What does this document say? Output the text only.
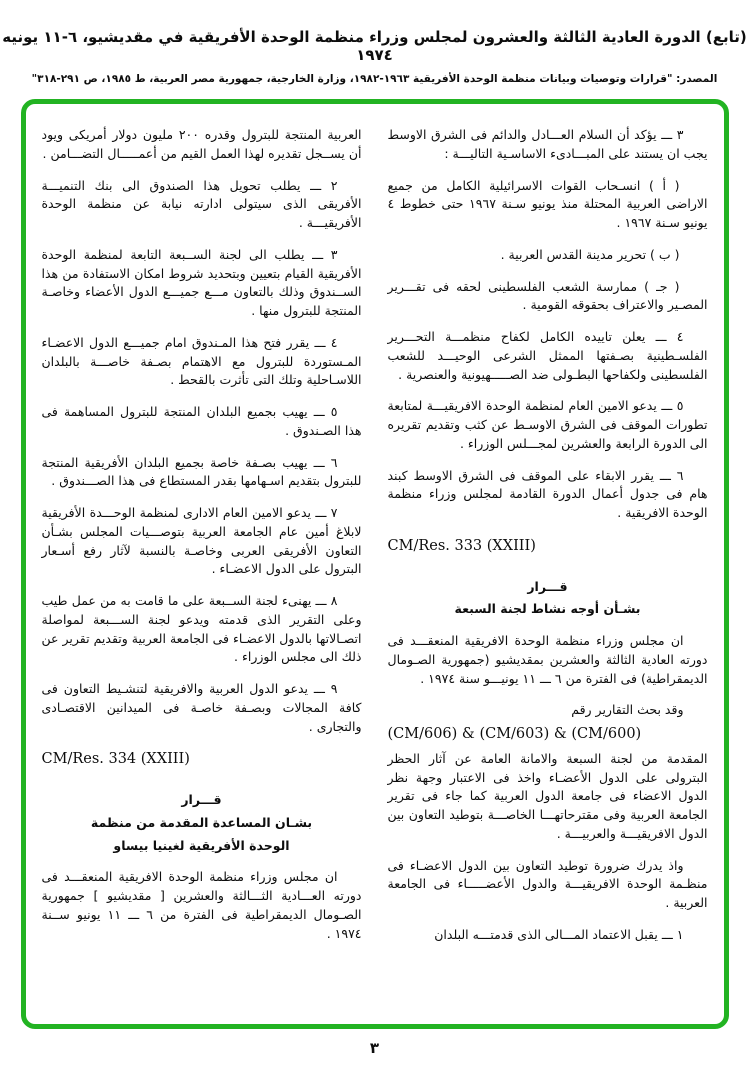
(تابع) الدورة العادية الثالثة والعشرون لمجلس وزراء منظمة الوحدة الأفريقية في مقديشيو، ٦-١١ يونيه ١٩٧٤
المصدر: "قرارات وتوصيات وبيانات منظمة الوحدة الأفريقية ١٩٦٣-١٩٨٢، وزارة الخارجية، جمهورية مصر العربية، ط ١٩٨٥، ص ٢٩١-٣١٨"

٣ ـــ يؤكد أن السلام العـــادل والدائم فى الشرق الاوسط يجب ان يستند على المبـــادىء الاساسـية التاليـــة :

( أ ) انسـحاب القوات الاسرائيلية الكامل من جميع الاراضى العربية المحتلة منذ يونيو سـنة ١٩٦٧ حتى خطوط ٤ يونيو سـنة ١٩٦٧ .

( ب ) تحرير مدينة القدس العربية .

( جـ ) ممارسة الشعب الفلسطينى لحقه فى تقـــرير المصـير والاعتراف بحقوقه القومية .

٤ ـــ يعلن تاييده الكامل لكفاح منظمـــة التحـــرير الفلسـطينية بصـفتها الممثل الشرعى الوحيـــد للشعب الفلسطينى ولكفاحها البطـولى ضد الصـــــهيونية والعنصرية .

٥ ـــ يدعو الامين العام لمنظمة الوحدة الافريقيـــة لمتابعة تطورات الموقف فى الشرق الاوسـط عن كثب وتقديم تقريره الى الدورة الرابعة والعشرين لمجـــلس الوزراء .

٦ ـــ يقرر الابقاء على الموقف فى الشرق الاوسط كبند هام فى جدول أعمال الدورة القادمة لمجلس وزراء منظمة الوحدة الافريقية .

CM/Res. 333 (XXIII)

قـــرار

بشـأن أوجه نشاط لجنة السبعة

ان مجلس وزراء منظمة الوحدة الافريقية المنعقـــد فى دورته العادية الثالثة والعشرين بمقديشيو (جمهورية الصـومال الديمقراطية) فى الفترة من ٦ ـــ ١١ يونيـــو سنة ١٩٧٤ .

وقد بحث التقارير رقم

(CM/606) & (CM/603) & (CM/600)

المقدمة من لجنة السبعة والامانة العامة عن آثار الحظر البترولى على الدول الأعضـاء واخذ فى الاعتبار وجهة نظر الدول الاعضاء فى جامعة الدول العربية كما جاء فى تقرير الجامعة العربية وفى مقترحاتهـــا الخاصـــة بتوطيد التعاون بين الدول الافريقيـــة والعربيـــة .

واذ يدرك ضرورة توطيد التعاون بين الدول الاعضـاء فى منظـمة الوحدة الافريقيـــة والدول الأعضـــــاء فى الجامعة العربية .

١ ـــ يقبل الاعتماد المـــالى الذى قدمتـــه البلدان

العربية المنتجة للبترول وقدره ٢٠٠ مليون دولار أمريكى ويود أن يســجل تقديره لهذا العمل القيم من أعمـــــال التضـــامن .

٢ ـــ يطلب تحويل هذا الصندوق الى بنك التنميـــة الأفريقى الذى سيتولى ادارته نيابة عن منظمة الوحدة الأفريقيـــة .

٣ ـــ يطلب الى لجنة الســبعة التابعة لمنظمة الوحدة الأفريقية القيام بتعيين وبتحديد شروط امكان الاستفادة من هذا الســندوق وذلك بالتعاون مـــع جميـــع الدول الأعضاء وخاصـة المنتجة للبترول منها .

٤ ـــ يقرر فتح هذا المـندوق امام جميـــع الدول الاعضـاء المـستوردة للبترول مع الاهتمام بصـفة خاصـــة بالبلدان اللاسـاحلية وتلك التى تأثرت بالقحط .

٥ ـــ يهيب بجميع البلدان المنتجة للبترول المساهمة فى هذا الصـندوق .

٦ ـــ يهيب بصـفة خاصة بجميع البلدان الأفريقية المنتجة للبترول بتقديم اسـهامها بقدر المستطاع فى هذا الصـــندوق .

٧ ـــ يدعو الامين العام الادارى لمنظمة الوحـــدة الأفريقية لابلاغ أمين عام الجامعة العربية بتوصـــيات المجلس بشـأن التعاون الأفريقى العربى وخاصـة بالنسبة لآثار رفع أسـعار البترول على الدول الاعضـاء .

٨ ـــ يهنىء لجنة الســبعة على ما قامت به من عمل طيب وعلى التقرير الذى قدمته ويدعو لجنة الســـبعة لمواصلة اتصـالاتها بالدول الاعضـاء فى الجامعة العربية وتقديم تقرير عن ذلك الى مجلس الوزراء .

٩ ـــ يدعو الدول العربية والافريقية لتنشـيط التعاون فى كافة المجالات وبصـفة خاصـة فى الميدانين الاقتصـادى والتجارى .

CM/Res. 334 (XXIII)

قـــرار

بشـان المساعدة المقدمة من منظمة

الوحدة الأفريقية لغينيا بيساو

ان مجلس وزراء منظمة الوحدة الافريقية المنعقـــد فى دورته العـــادية الثـــالثة والعشرين [ مقديشيو ] جمهورية الصـومال الديمقراطية فى الفترة من ٦ ـــ ١١ يونيو ســنة ١٩٧٤ .

٣
